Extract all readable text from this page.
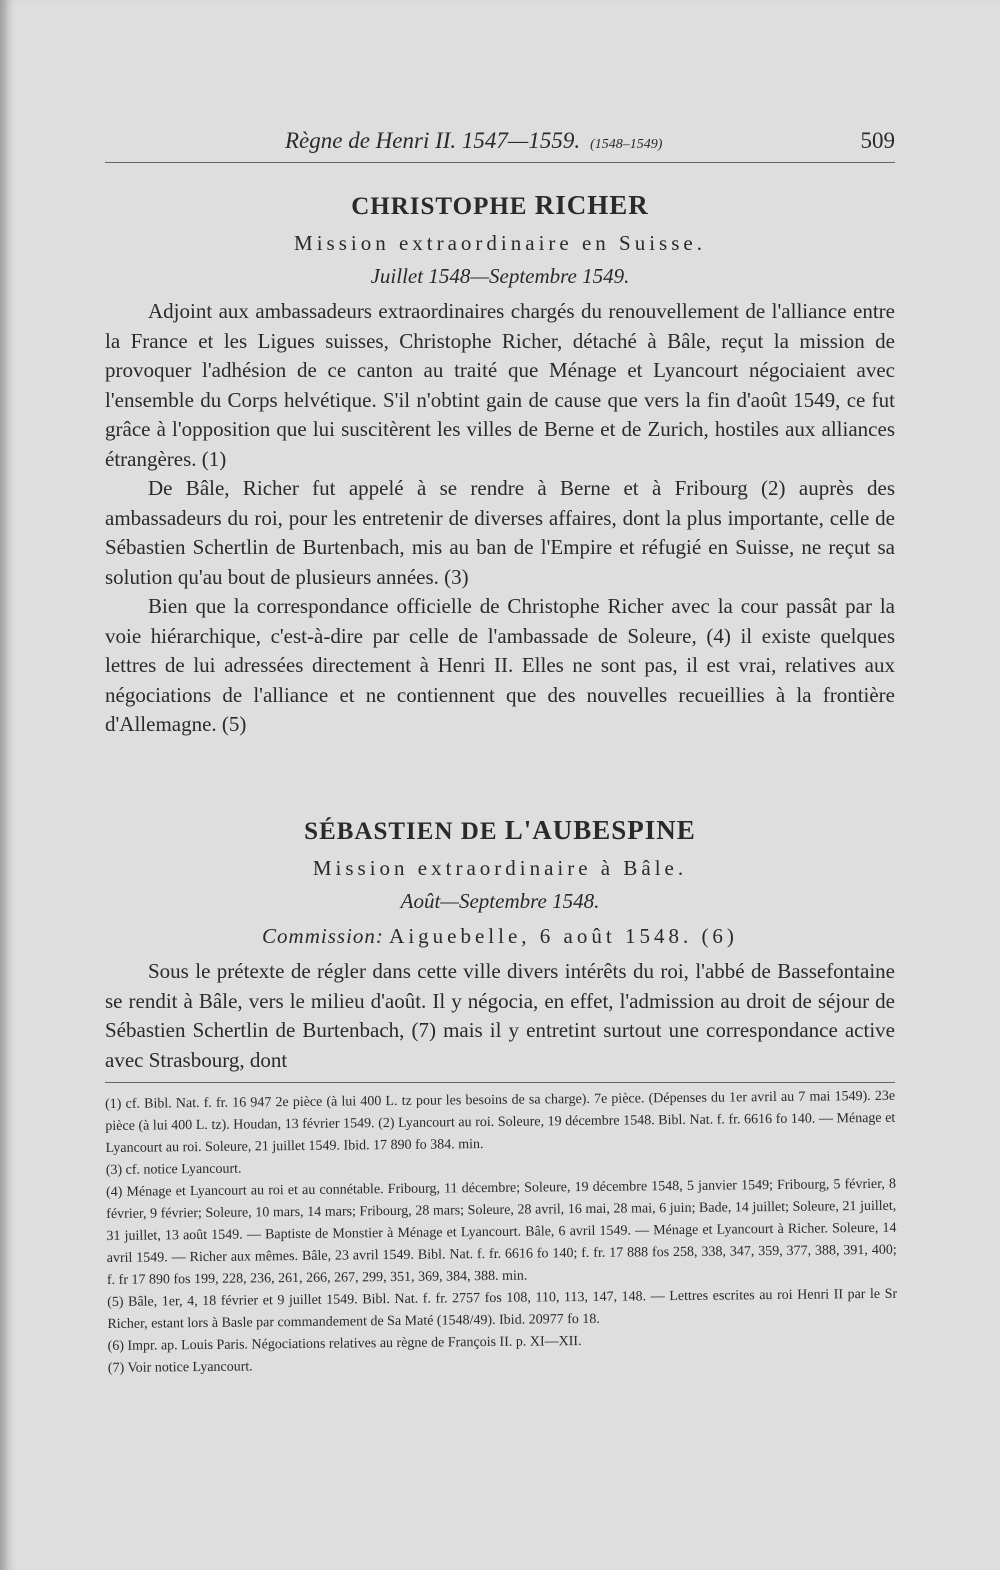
Règne de Henri II. 1547—1559. (1548–1549)	509
CHRISTOPHE RICHER

Mission extraordinaire en Suisse.

Juillet 1548—Septembre 1549.

Adjoint aux ambassadeurs extraordinaires chargés du renouvellement de l'alliance entre la France et les Ligues suisses, Christophe Richer, détaché à Bâle, reçut la mission de provoquer l'adhésion de ce canton au traité que Ménage et Lyancourt négociaient avec l'ensemble du Corps helvétique. S'il n'obtint gain de cause que vers la fin d'août 1549, ce fut grâce à l'opposition que lui suscitèrent les villes de Berne et de Zurich, hostiles aux alliances étrangères. (1)

De Bâle, Richer fut appelé à se rendre à Berne et à Fribourg (2) auprès des ambassadeurs du roi, pour les entretenir de diverses affaires, dont la plus importante, celle de Sébastien Schertlin de Burtenbach, mis au ban de l'Empire et réfugié en Suisse, ne reçut sa solution qu'au bout de plusieurs années. (3)

Bien que la correspondance officielle de Christophe Richer avec la cour passât par la voie hiérarchique, c'est-à-dire par celle de l'ambassade de Soleure, (4) il existe quelques lettres de lui adressées directement à Henri II. Elles ne sont pas, il est vrai, relatives aux négociations de l'alliance et ne contiennent que des nouvelles recueillies à la frontière d'Allemagne. (5)

SÉBASTIEN DE L'AUBESPINE

Mission extraordinaire à Bâle.

Août—Septembre 1548.

Commission: Aiguebelle, 6 août 1548. (6)

Sous le prétexte de régler dans cette ville divers intérêts du roi, l'abbé de Bassefontaine se rendit à Bâle, vers le milieu d'août. Il y négocia, en effet, l'admission au droit de séjour de Sébastien Schertlin de Burtenbach, (7) mais il y entretint surtout une correspondance active avec Strasbourg, dont

(1) cf. Bibl. Nat. f. fr. 16 947 2e pièce (à lui 400 L. tz pour les besoins de sa charge). 7e pièce. (Dépenses du 1er avril au 7 mai 1549). 23e pièce (à lui 400 L. tz). Houdan, 13 février 1549. (2) Lyancourt au roi. Soleure, 19 décembre 1548. Bibl. Nat. f. fr. 6616 fo 140. — Ménage et Lyancourt au roi. Soleure, 21 juillet 1549. Ibid. 17 890 fo 384. min.

(3) cf. notice Lyancourt.

(4) Ménage et Lyancourt au roi et au connétable. Fribourg, 11 décembre; Soleure, 19 décembre 1548, 5 janvier 1549; Fribourg, 5 février, 8 février, 9 février; Soleure, 10 mars, 14 mars; Fribourg, 28 mars; Soleure, 28 avril, 16 mai, 28 mai, 6 juin; Bade, 14 juillet; Soleure, 21 juillet, 31 juillet, 13 août 1549. — Baptiste de Monstier à Ménage et Lyancourt. Bâle, 6 avril 1549. — Ménage et Lyancourt à Richer. Soleure, 14 avril 1549. — Richer aux mêmes. Bâle, 23 avril 1549. Bibl. Nat. f. fr. 6616 fo 140; f. fr. 17 888 fos 258, 338, 347, 359, 377, 388, 391, 400; f. fr 17 890 fos 199, 228, 236, 261, 266, 267, 299, 351, 369, 384, 388. min.

(5) Bâle, 1er, 4, 18 février et 9 juillet 1549. Bibl. Nat. f. fr. 2757 fos 108, 110, 113, 147, 148. — Lettres escrites au roi Henri II par le Sr Richer, estant lors à Basle par commandement de Sa Maté (1548/49). Ibid. 20977 fo 18.

(6) Impr. ap. Louis Paris. Négociations relatives au règne de François II. p. XI—XII.

(7) Voir notice Lyancourt.
